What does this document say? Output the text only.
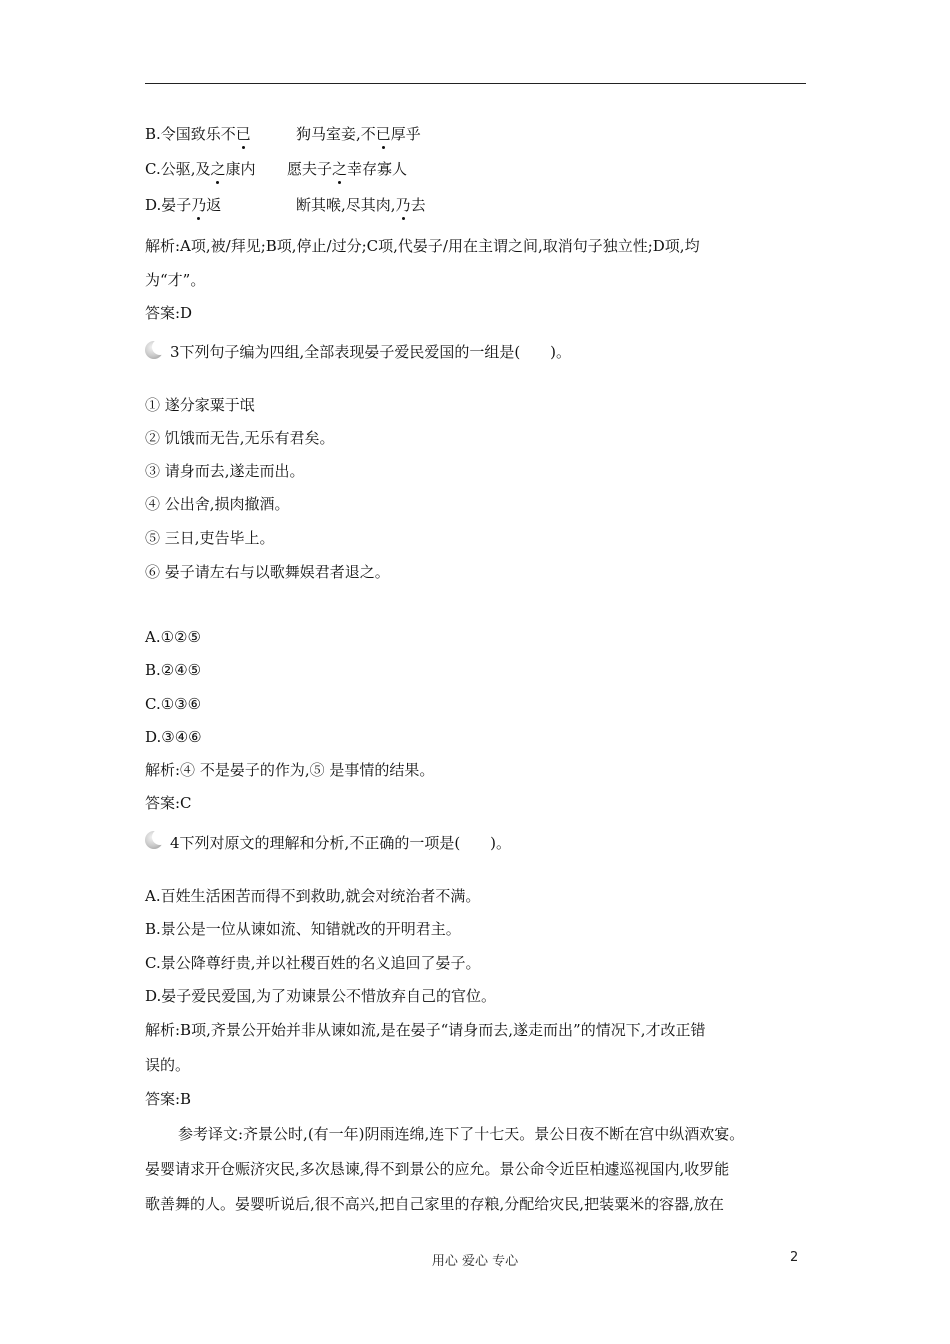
B.令国致乐不已	狗马室妾,不已厚乎
C.公驱,及之康内 愿夫子之幸存寡人
D.晏子乃返	断其喉,尽其肉,乃去
解析:A项,被/拜见;B项,停止/过分;C项,代晏子/用在主谓之间,取消句子独立性;D项,均
为“才”。
答案:D
3下列句子编为四组,全部表现晏子爱民爱国的一组是(　　)。
① 遂分家粟于氓
② 饥饿而无告,无乐有君矣。
③ 请身而去,遂走而出。
④ 公出舍,损肉撤酒。
⑤ 三日,吏告毕上。
⑥ 晏子请左右与以歌舞娱君者退之。
A.①②⑤
B.②④⑤
C.①③⑥
D.③④⑥
解析:④ 不是晏子的作为,⑤ 是事情的结果。
答案:C
4下列对原文的理解和分析,不正确的一项是(　　)。
A.百姓生活困苦而得不到救助,就会对统治者不满。
B.景公是一位从谏如流、知错就改的开明君主。
C.景公降尊纡贵,并以社稷百姓的名义追回了晏子。
D.晏子爱民爱国,为了劝谏景公不惜放弃自己的官位。
解析:B项,齐景公开始并非从谏如流,是在晏子“请身而去,遂走而出”的情况下,才改正错
误的。
答案:B
参考译文:齐景公时,(有一年)阴雨连绵,连下了十七天。景公日夜不断在宫中纵酒欢宴。
晏婴请求开仓赈济灾民,多次恳谏,得不到景公的应允。景公命令近臣柏遽巡视国内,收罗能
歌善舞的人。晏婴听说后,很不高兴,把自己家里的存粮,分配给灾民,把装粟米的容器,放在
用心 爱心 专心	2
